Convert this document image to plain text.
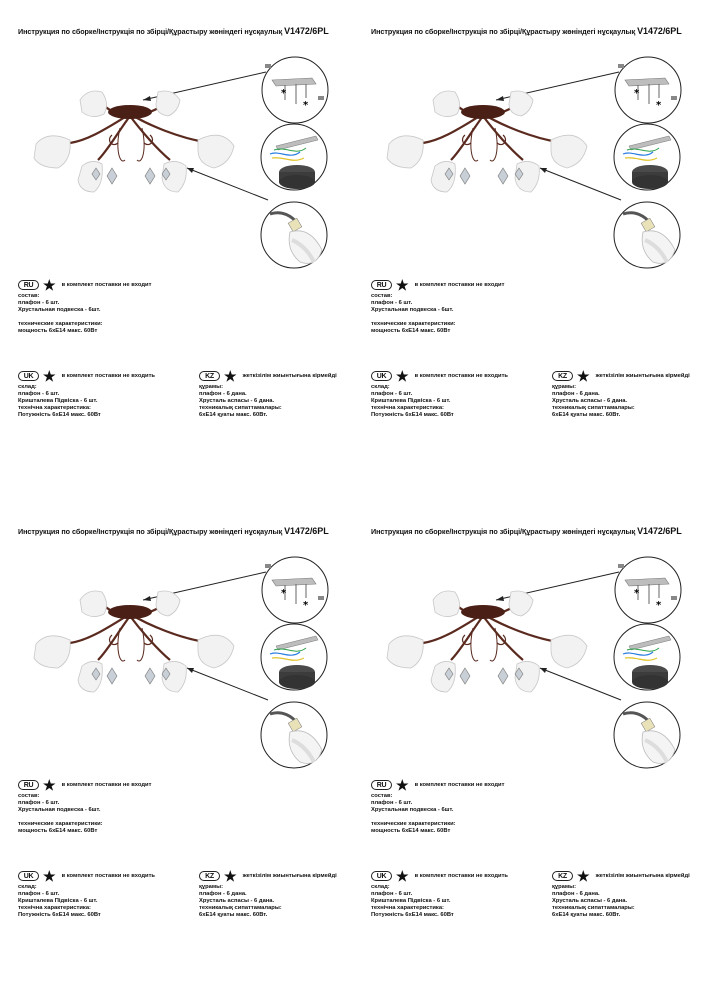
Инструкция по сборке/Інструкція по збірці/Құрастыру жөніндегі нұсқаулық V1472/6PL
*
*
RU ★ в комплект поставки не входит
состав:
плафон - 6 шт.
Хрустальная подвеска - 6шт.
технические характеристики:
мощность 6хЕ14 макс. 60Вт
UK ★ в комплект поставки не входить
склад:
плафон - 6 шт.
Кришталева Підвіска - 6 шт.
технічна характеристика:
Потужність 6хЕ14 макс. 60Вт
KZ ★ жеткізілім жиынтығына кірмейді
құрамы:
плафон - 6 дана.
Хрусталь аспасы - 6 дана.
техникалық сипаттамалары:
6хЕ14 қуаты макс. 60Вт.
Инструкция по сборке/Інструкція по збірці/Құрастыру жөніндегі нұсқаулық V1472/6PL
*
*
RU ★ в комплект поставки не входит
состав:
плафон - 6 шт.
Хрустальная подвеска - 6шт.
технические характеристики:
мощность 6хЕ14 макс. 60Вт
UK ★ в комплект поставки не входить
склад:
плафон - 6 шт.
Кришталева Підвіска - 6 шт.
технічна характеристика:
Потужність 6хЕ14 макс. 60Вт
KZ ★ жеткізілім жиынтығына кірмейді
құрамы:
плафон - 6 дана.
Хрусталь аспасы - 6 дана.
техникалық сипаттамалары:
6хЕ14 қуаты макс. 60Вт.
Инструкция по сборке/Інструкція по збірці/Құрастыру жөніндегі нұсқаулық V1472/6PL
*
*
RU ★ в комплект поставки не входит
состав:
плафон - 6 шт.
Хрустальная подвеска - 6шт.
технические характеристики:
мощность 6хЕ14 макс. 60Вт
UK ★ в комплект поставки не входить
склад:
плафон - 6 шт.
Кришталева Підвіска - 6 шт.
технічна характеристика:
Потужність 6хЕ14 макс. 60Вт
KZ ★ жеткізілім жиынтығына кірмейді
құрамы:
плафон - 6 дана.
Хрусталь аспасы - 6 дана.
техникалық сипаттамалары:
6хЕ14 қуаты макс. 60Вт.
Инструкция по сборке/Інструкція по збірці/Құрастыру жөніндегі нұсқаулық V1472/6PL
*
*
RU ★ в комплект поставки не входит
состав:
плафон - 6 шт.
Хрустальная подвеска - 6шт.
технические характеристики:
мощность 6хЕ14 макс. 60Вт
UK ★ в комплект поставки не входить
склад:
плафон - 6 шт.
Кришталева Підвіска - 6 шт.
технічна характеристика:
Потужність 6хЕ14 макс. 60Вт
KZ ★ жеткізілім жиынтығына кірмейді
құрамы:
плафон - 6 дана.
Хрусталь аспасы - 6 дана.
техникалық сипаттамалары:
6хЕ14 қуаты макс. 60Вт.
